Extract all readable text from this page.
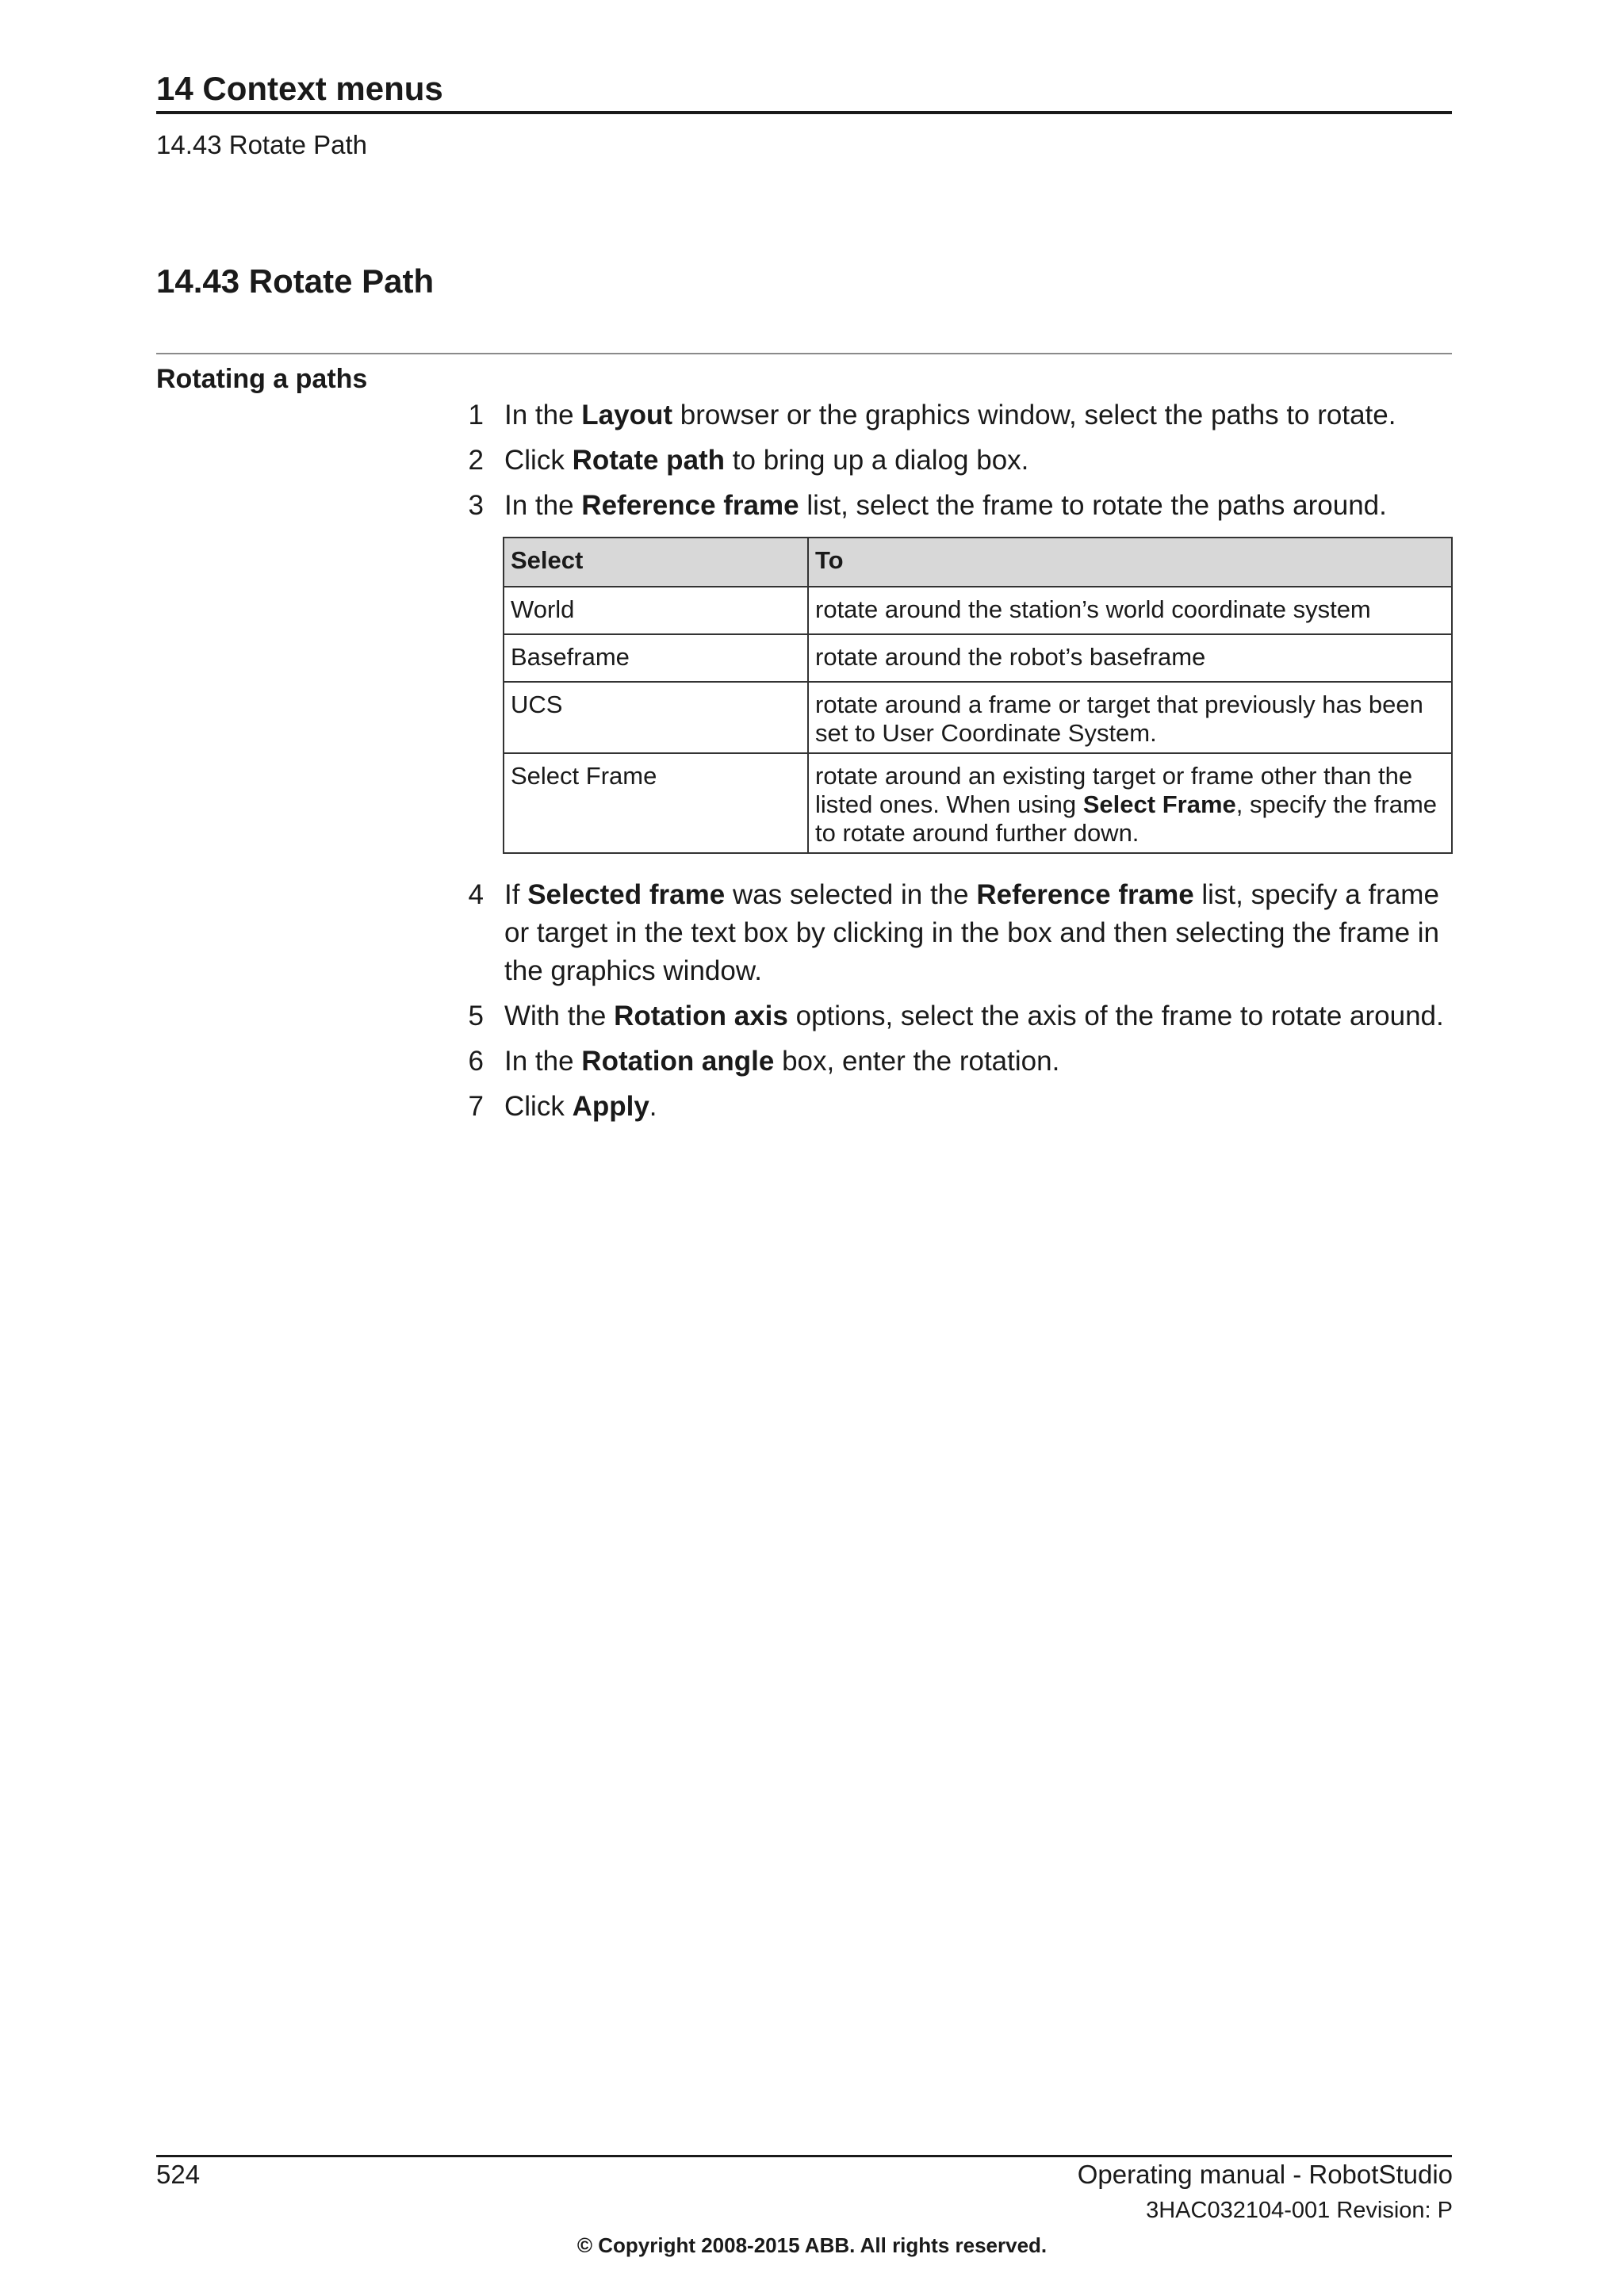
14 Context menus
14.43 Rotate Path
14.43 Rotate Path
Rotating a paths
1 In the Layout browser or the graphics window, select the paths to rotate.
2 Click Rotate path to bring up a dialog box.
3 In the Reference frame list, select the frame to rotate the paths around.
Select	To
World	rotate around the station’s world coordinate system
Baseframe	rotate around the robot’s baseframe
UCS	rotate around a frame or target that previously has been set to User Coordinate System.
Select Frame	rotate around an existing target or frame other than the listed ones. When using Select Frame, specify the frame to rotate around further down.
4 If Selected frame was selected in the Reference frame list, specify a frame or target in the text box by clicking in the box and then selecting the frame in the graphics window.
5 With the Rotation axis options, select the axis of the frame to rotate around.
6 In the Rotation angle box, enter the rotation.
7 Click Apply.
524	Operating manual - RobotStudio
3HAC032104-001 Revision: P
© Copyright 2008-2015 ABB. All rights reserved.
